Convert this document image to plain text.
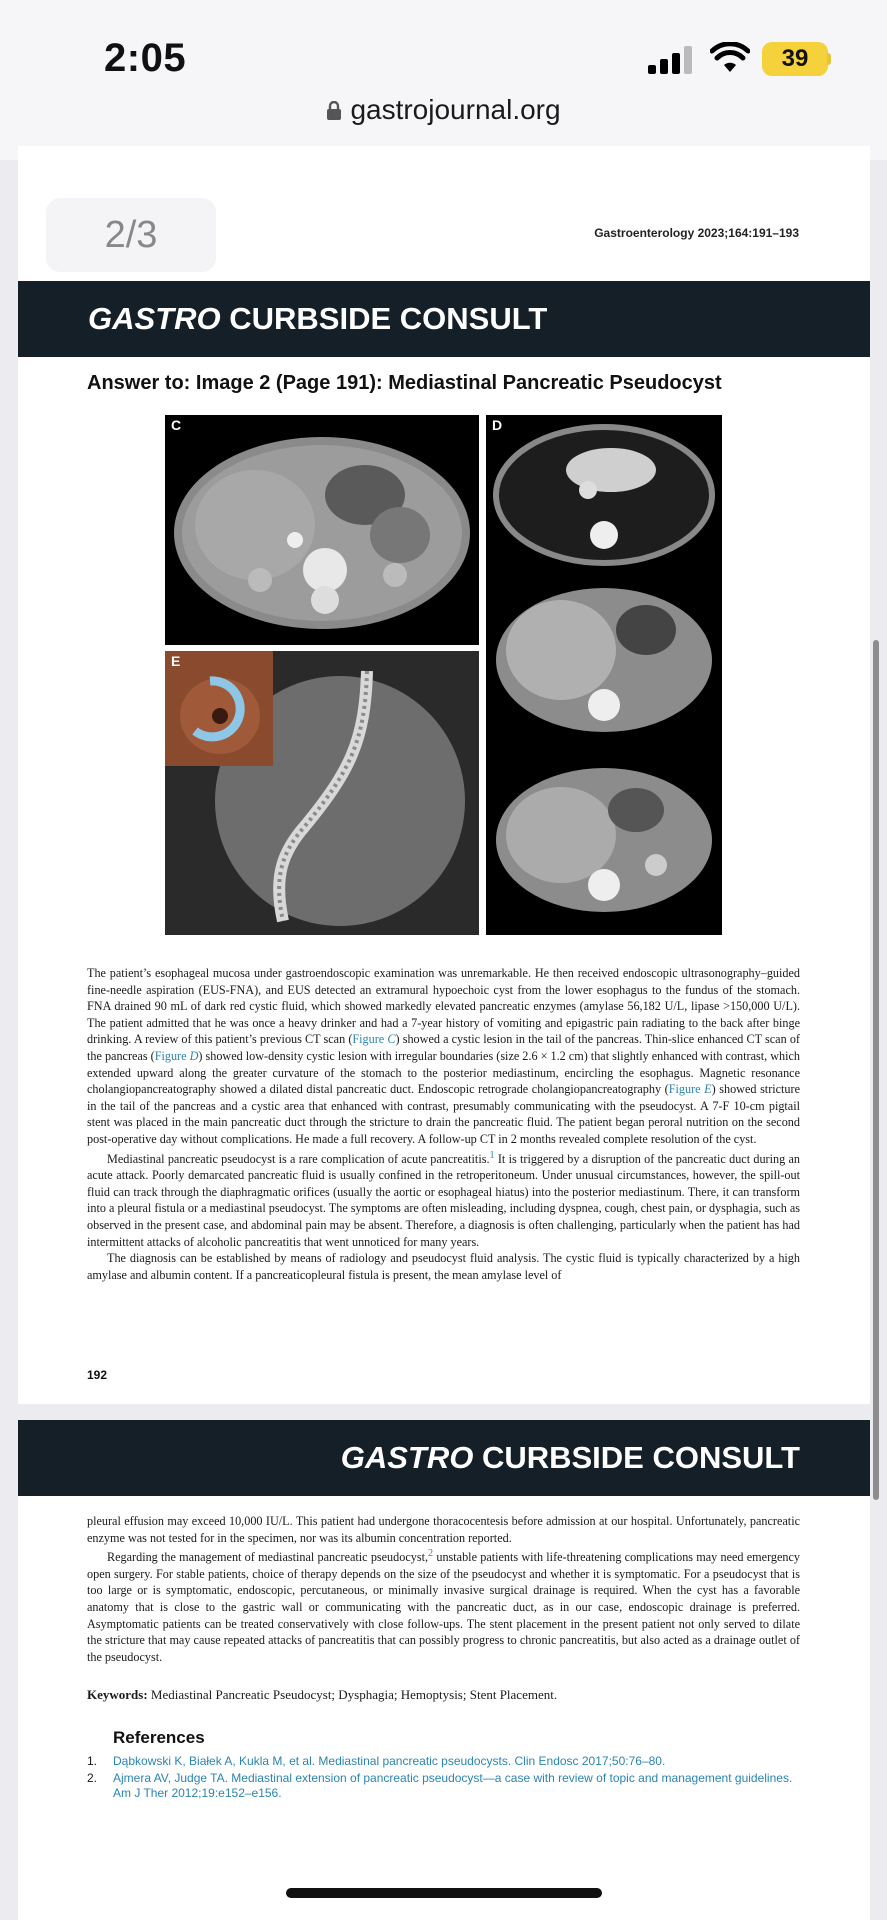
2:05	39
gastrojournal.org
2/3	Gastroenterology 2023;164:191–193
GASTRO CURBSIDE CONSULT
Answer to: Image 2 (Page 191): Mediastinal Pancreatic Pseudocyst
C	D
E

The patient’s esophageal mucosa under gastroendoscopic examination was unremarkable. He then received endoscopic ultrasonography–guided fine-needle aspiration (EUS-FNA), and EUS detected an extramural hypoechoic cyst from the lower esophagus to the fundus of the stomach. FNA drained 90 mL of dark red cystic fluid, which showed markedly elevated pancreatic enzymes (amylase 56,182 U/L, lipase >150,000 U/L). The patient admitted that he was once a heavy drinker and had a 7-year history of vomiting and epigastric pain radiating to the back after binge drinking. A review of this patient’s previous CT scan (Figure C) showed a cystic lesion in the tail of the pancreas. Thin-slice enhanced CT scan of the pancreas (Figure D) showed low-density cystic lesion with irregular boundaries (size 2.6 × 1.2 cm) that slightly enhanced with contrast, which extended upward along the greater curvature of the stomach to the posterior mediastinum, encircling the esophagus. Magnetic resonance cholangiopancreatography showed a dilated distal pancreatic duct. Endoscopic retrograde cholangiopancreatography (Figure E) showed stricture in the tail of the pancreas and a cystic area that enhanced with contrast, presumably communicating with the pseudocyst. A 7-F 10-cm pigtail stent was placed in the main pancreatic duct through the stricture to drain the pancreatic fluid. The patient began peroral nutrition on the second post-operative day without complications. He made a full recovery. A follow-up CT in 2 months revealed complete resolution of the cyst.

Mediastinal pancreatic pseudocyst is a rare complication of acute pancreatitis.$^1$ It is triggered by a disruption of the pancreatic duct during an acute attack. Poorly demarcated pancreatic fluid is usually confined in the retroperitoneum. Under unusual circumstances, however, the spill-out fluid can track through the diaphragmatic orifices (usually the aortic or esophageal hiatus) into the posterior mediastinum. There, it can transform into a pleural fistula or a mediastinal pseudocyst. The symptoms are often misleading, including dyspnea, cough, chest pain, or dysphagia, such as observed in the present case, and abdominal pain may be absent. Therefore, a diagnosis is often challenging, particularly when the patient has had intermittent attacks of alcoholic pancreatitis that went unnoticed for many years.

The diagnosis can be established by means of radiology and pseudocyst fluid analysis. The cystic fluid is typically characterized by a high amylase and albumin content. If a pancreaticopleural fistula is present, the mean amylase level of

192
GASTRO CURBSIDE CONSULT

pleural effusion may exceed 10,000 IU/L. This patient had undergone thoracocentesis before admission at our hospital. Unfortunately, pancreatic enzyme was not tested for in the specimen, nor was its albumin concentration reported.

Regarding the management of mediastinal pancreatic pseudocyst,$^2$ unstable patients with life-threatening complications may need emergency open surgery. For stable patients, choice of therapy depends on the size of the pseudocyst and whether it is symptomatic. For a pseudocyst that is too large or is symptomatic, endoscopic, percutaneous, or minimally invasive surgical drainage is required. When the cyst has a favorable anatomy that is close to the gastric wall or communicating with the pancreatic duct, as in our case, endoscopic drainage is preferred. Asymptomatic patients can be treated conservatively with close follow-ups. The stent placement in the present patient not only served to dilate the stricture that may cause repeated attacks of pancreatitis that can possibly progress to chronic pancreatitis, but also acted as a drainage outlet of the pseudocyst.

Keywords: Mediastinal Pancreatic Pseudocyst; Dysphagia; Hemoptysis; Stent Placement.
References
1. Dąbkowski K, Białek A, Kukla M, et al. Mediastinal pancreatic pseudocysts. Clin Endosc 2017;50:76–80.
2. Ajmera AV, Judge TA. Mediastinal extension of pancreatic pseudocyst—a case with review of topic and management guidelines. Am J Ther 2012;19:e152–e156.
